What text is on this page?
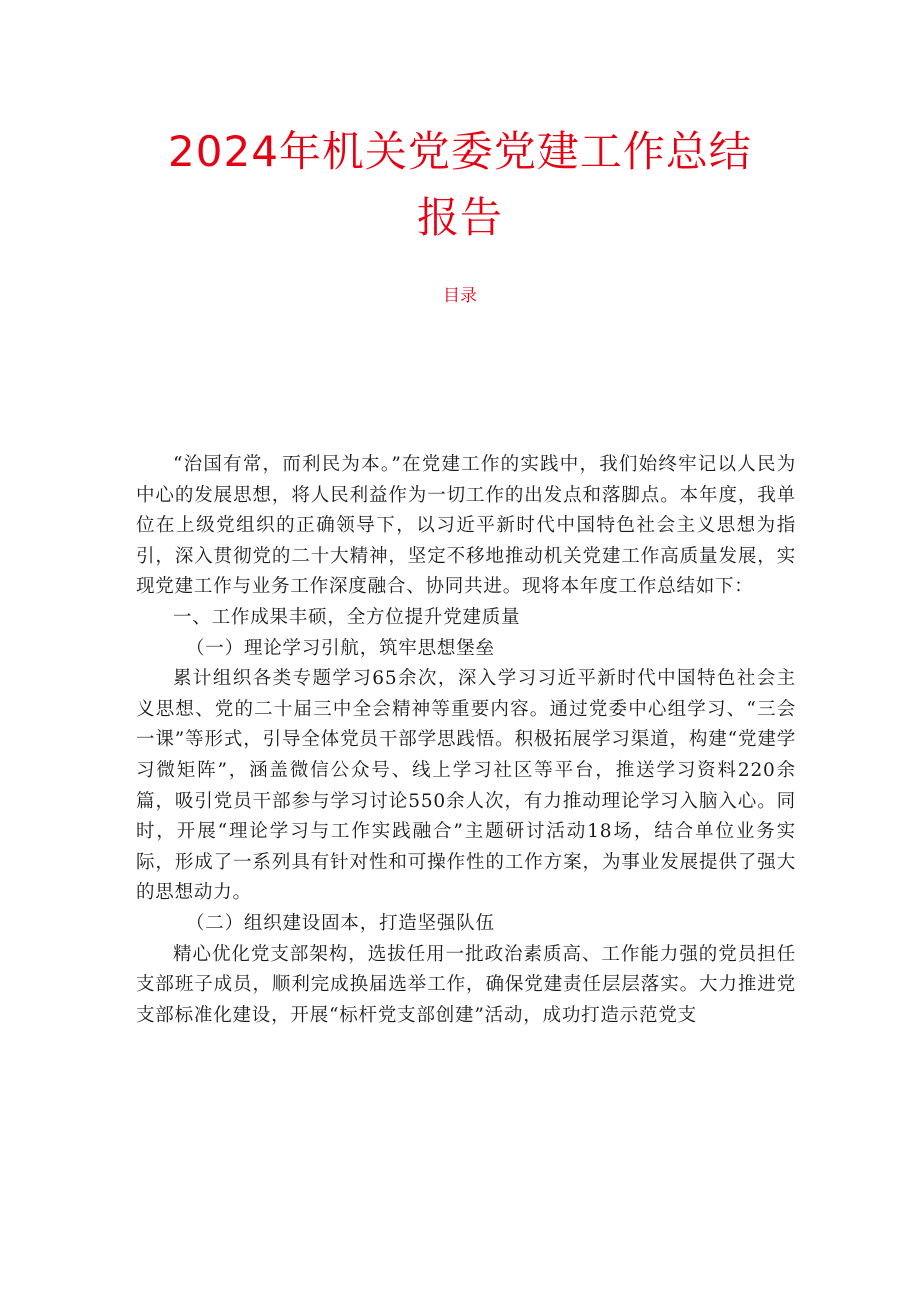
2024年机关党委党建工作总结
报告
目录

“治国有常，而利民为本。”在党建工作的实践中，我们始终牢记以人民为中心的发展思想，将人民利益作为一切工作的出发点和落脚点。本年度，我单位在上级党组织的正确领导下，以习近平新时代中国特色社会主义思想为指引，深入贯彻党的二十大精神，坚定不移地推动机关党建工作高质量发展，实现党建工作与业务工作深度融合、协同共进。现将本年度工作总结如下：

一、工作成果丰硕，全方位提升党建质量

（一）理论学习引航，筑牢思想堡垒

累计组织各类专题学习65余次，深入学习习近平新时代中国特色社会主义思想、党的二十届三中全会精神等重要内容。通过党委中心组学习、“三会一课”等形式，引导全体党员干部学思践悟。积极拓展学习渠道，构建“党建学习微矩阵”，涵盖微信公众号、线上学习社区等平台，推送学习资料220余篇，吸引党员干部参与学习讨论550余人次，有力推动理论学习入脑入心。同时，开展“理论学习与工作实践融合”主题研讨活动18场，结合单位业务实际，形成了一系列具有针对性和可操作性的工作方案，为事业发展提供了强大的思想动力。

（二）组织建设固本，打造坚强队伍

精心优化党支部架构，选拔任用一批政治素质高、工作能力强的党员担任支部班子成员，顺利完成换届选举工作，确保党建责任层层落实。大力推进党支部标准化建设，开展“标杆党支部创建”活动，成功打造示范党支
